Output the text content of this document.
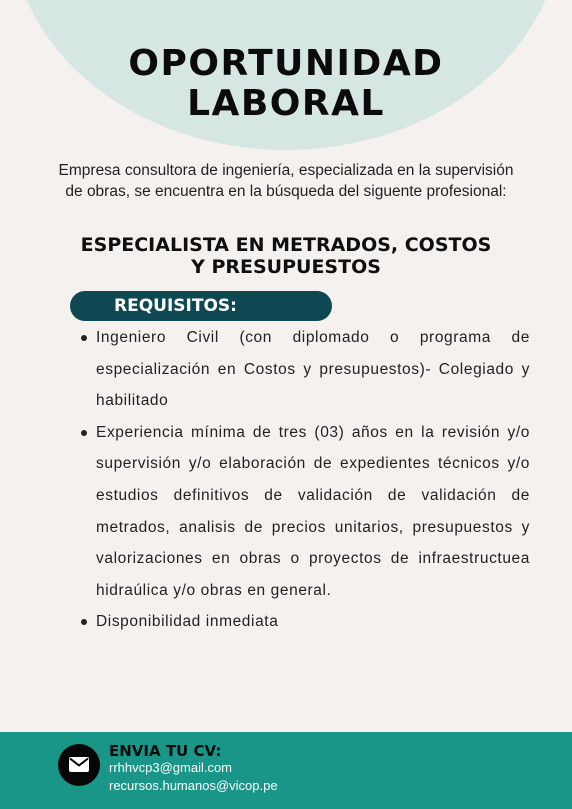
OPORTUNIDAD
LABORAL

Empresa consultora de ingeniería, especializada en la supervisión de obras, se encuentra en la búsqueda del siguente profesional:

ESPECIALISTA EN METRADOS, COSTOS
Y PRESUPUESTOS
REQUISITOS:
Ingeniero Civil (con diplomado o programa de especialización en Costos y presupuestos)- Colegiado y habilitado
Experiencia mínima de tres (03) años en la revisión y/o supervisión y/o elaboración de expedientes técnicos y/o estudios definitivos de validación de validación de metrados, analisis de precios unitarios, presupuestos y valorizaciones en obras o proyectos de infraestructuea hidraúlica y/o obras en general.
Disponibilidad inmediata
ENVIA TU CV:
rrhhvcp3@gmail.com
recursos.humanos@vicop.pe
